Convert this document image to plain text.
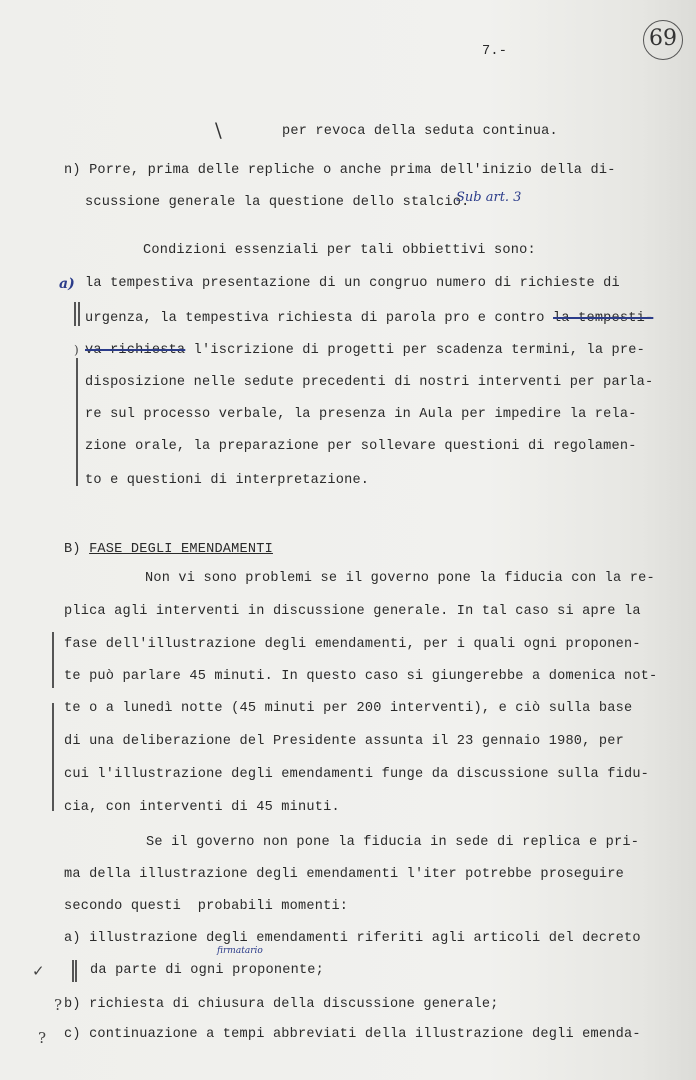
7.-
69
\	per revoca della seduta continua.
n) Porre, prima delle repliche o anche prima dell'inizio della di-
scussione generale la questione dello stalcio.
Sub art. 3
Condizioni essenziali per tali obbiettivi sono:
a) la tempestiva presentazione di un congruo numero di richieste di
urgenza, la tempestiva richiesta di parola pro e contro la tempesti-
) va richiesta l'iscrizione di progetti per scadenza termini, la pre-
disposizione nelle sedute precedenti di nostri interventi per parla-
re sul processo verbale, la presenza in Aula per impedire la rela-
zione orale, la preparazione per sollevare questioni di regolamen-
to e questioni di interpretazione.
B) FASE DEGLI EMENDAMENTI
Non vi sono problemi se il governo pone la fiducia con la re-
plica agli interventi in discussione generale. In tal caso si apre la
fase dell'illustrazione degli emendamenti, per i quali ogni proponen-
te può parlare 45 minuti. In questo caso si giungerebbe a domenica not-
te o a lunedì notte (45 minuti per 200 interventi), e ciò sulla base
di una deliberazione del Presidente assunta il 23 gennaio 1980, per
cui l'illustrazione degli emendamenti funge da discussione sulla fidu-
cia, con interventi di 45 minuti.
Se il governo non pone la fiducia in sede di replica e pri-
ma della illustrazione degli emendamenti l'iter potrebbe proseguire
secondo questi  probabili momenti:
a) illustrazione degli emendamenti riferiti agli articoli del decreto
✓
firmatario
da parte di ogni proponente;
? b) richiesta di chiusura della discussione generale;
? c) continuazione a tempi abbreviati della illustrazione degli emenda-
